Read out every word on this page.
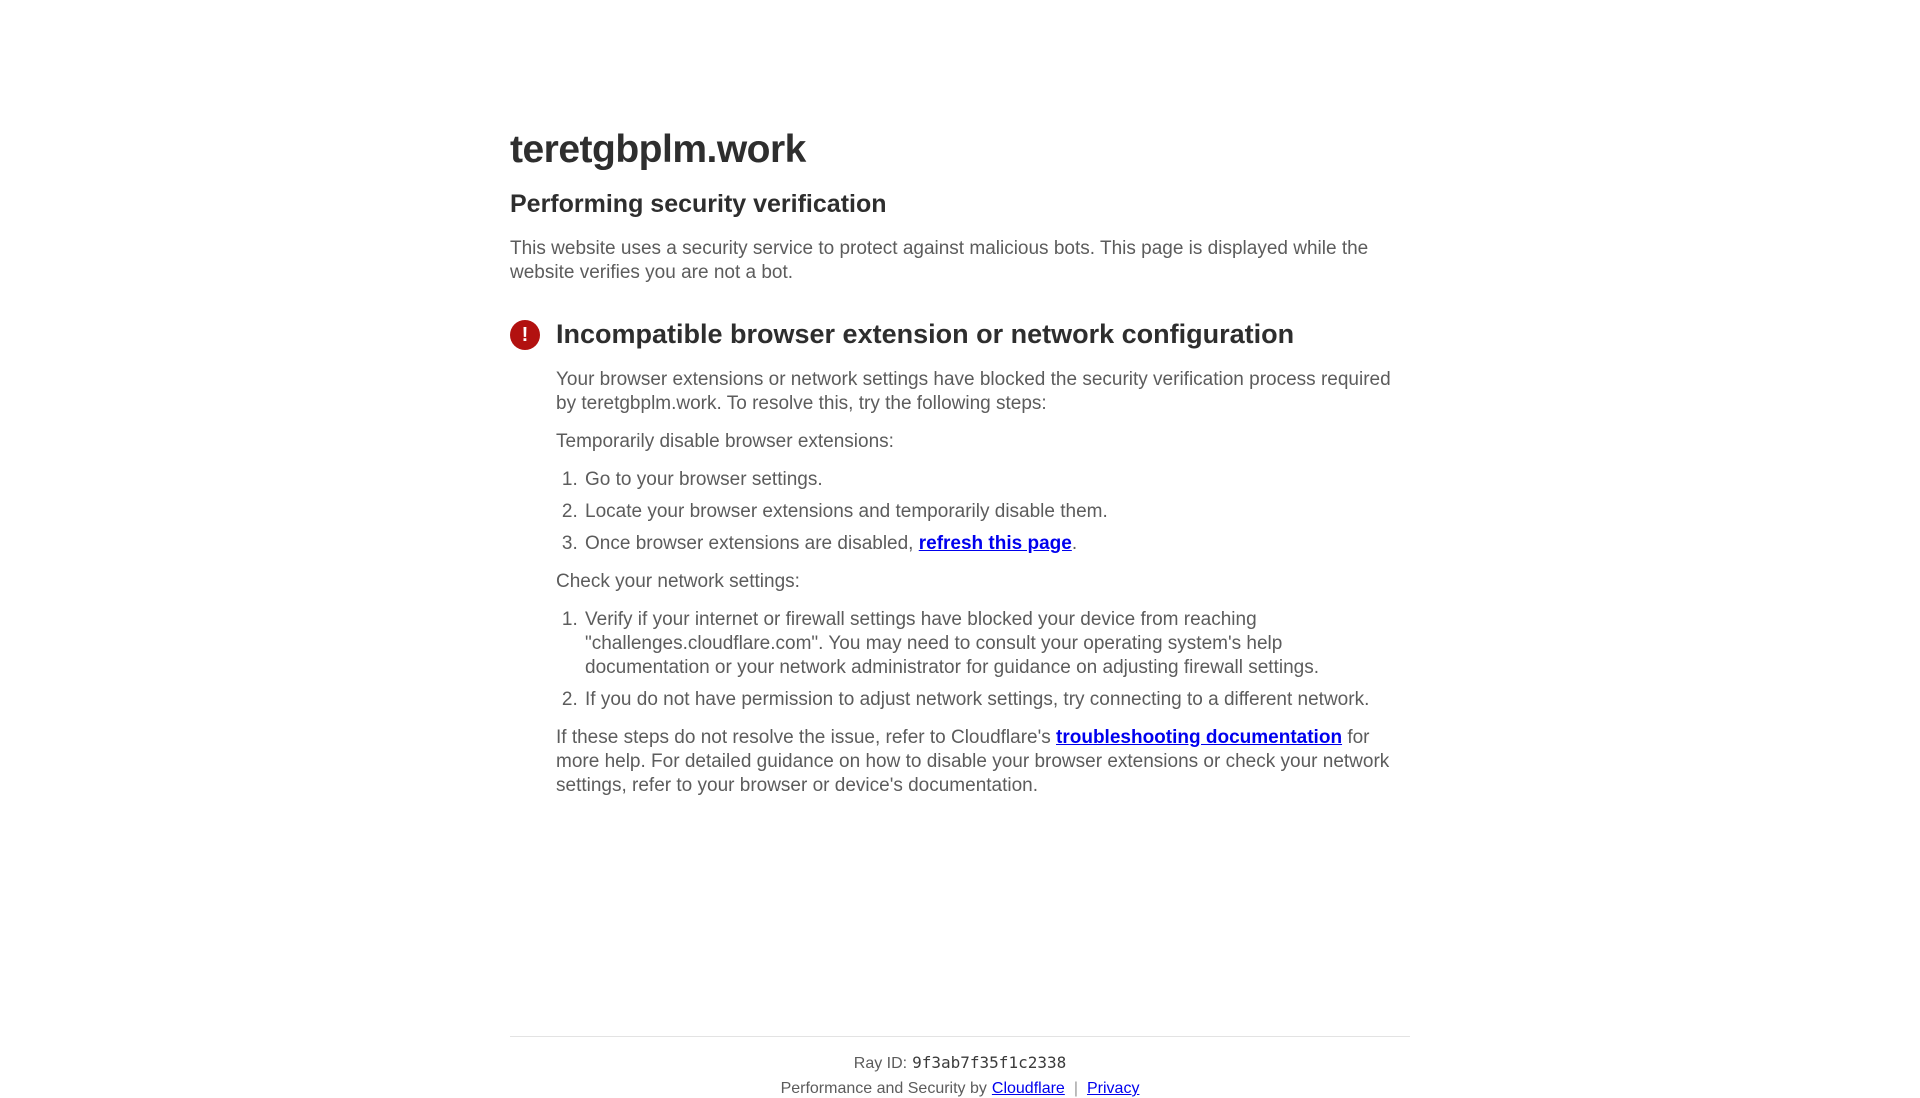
teretgbplm.work
Performing security verification

This website uses a security service to protect against malicious bots. This page is displayed while the website verifies you are not a bot.

! Incompatible browser extension or network configuration

Your browser extensions or network settings have blocked the security verification process required by teretgbplm.work. To resolve this, try the following steps:

Temporarily disable browser extensions:

1. Go to your browser settings.
2. Locate your browser extensions and temporarily disable them.
3. Once browser extensions are disabled, refresh this page.

Check your network settings:

1. Verify if your internet or firewall settings have blocked your device from reaching "challenges.cloudflare.com". You may need to consult your operating system's help documentation or your network administrator for guidance on adjusting firewall settings.
2. If you do not have permission to adjust network settings, try connecting to a different network.

If these steps do not resolve the issue, refer to Cloudflare's troubleshooting documentation for more help. For detailed guidance on how to disable your browser extensions or check your network settings, refer to your browser or device's documentation.

Ray ID: 9f3ab7f35f1c2338
Performance and Security by Cloudflare | Privacy
